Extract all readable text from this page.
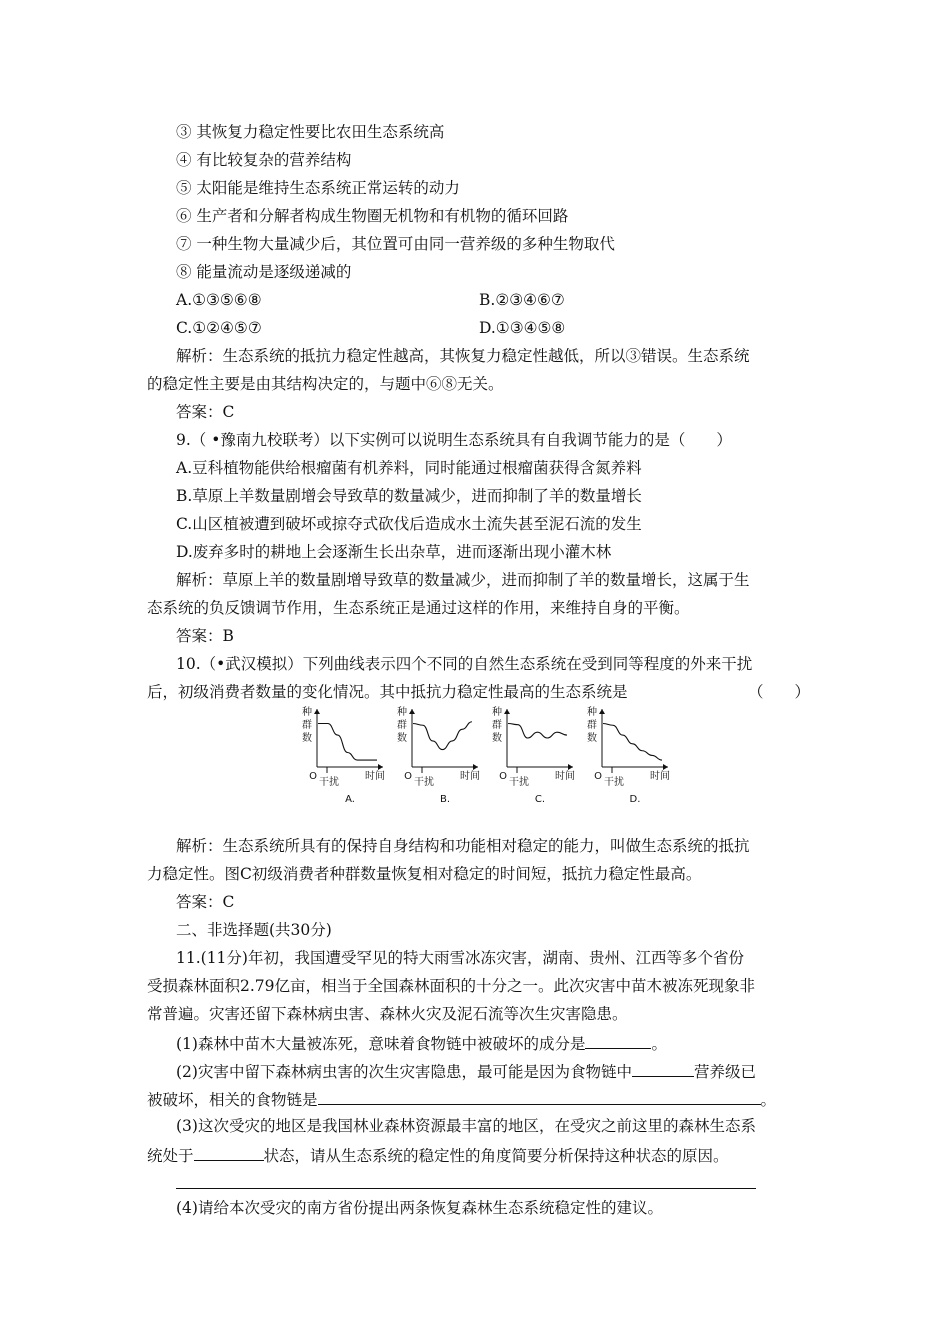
③ 其恢复力稳定性要比农田生态系统高
④ 有比较复杂的营养结构
⑤ 太阳能是维持生态系统正常运转的动力
⑥ 生产者和分解者构成生物圈无机物和有机物的循环回路
⑦ 一种生物大量减少后，其位置可由同一营养级的多种生物取代
⑧ 能量流动是逐级递减的
A.①③⑤⑥⑧	B.②③④⑥⑦
C.①②④⑤⑦	D.①③④⑤⑧
解析：生态系统的抵抗力稳定性越高，其恢复力稳定性越低，所以③错误。生态系统
的稳定性主要是由其结构决定的，与题中⑥⑧无关。
答案：C
9.（ •豫南九校联考）以下实例可以说明生态系统具有自我调节能力的是（　　）
A.豆科植物能供给根瘤菌有机养料，同时能通过根瘤菌获得含氮养料
B.草原上羊数量剧增会导致草的数量减少，进而抑制了羊的数量增长
C.山区植被遭到破坏或掠夺式砍伐后造成水土流失甚至泥石流的发生
D.废弃多时的耕地上会逐渐生长出杂草，进而逐渐出现小灌木林
解析：草原上羊的数量剧增导致草的数量减少，进而抑制了羊的数量增长，这属于生
态系统的负反馈调节作用，生态系统正是通过这样的作用，来维持自身的平衡。
答案：B
10.（•武汉模拟）下列曲线表示四个不同的自然生态系统在受到同等程度的外来干扰
后，初级消费者数量的变化情况。其中抵抗力稳定性最高的生态系统是	（　　）
种
群
数
O
干扰
时间
A.
种
群
数
O
干扰
时间
B.
种
群
数
O
干扰
时间
C.
种
群
数
O
干扰
时间
D.
解析：生态系统所具有的保持自身结构和功能相对稳定的能力，叫做生态系统的抵抗
力稳定性。图C初级消费者种群数量恢复相对稳定的时间短，抵抗力稳定性最高。
答案：C
二、非选择题(共30分)
11.(11分)年初，我国遭受罕见的特大雨雪冰冻灾害，湖南、贵州、江西等多个省份
受损森林面积2.79亿亩，相当于全国森林面积的十分之一。此次灾害中苗木被冻死现象非
常普遍。灾害还留下森林病虫害、森林火灾及泥石流等次生灾害隐患。
(1)森林中苗木大量被冻死，意味着食物链中被破坏的成分是	。
(2)灾害中留下森林病虫害的次生灾害隐患，最可能是因为食物链中	营养级已
被破坏，相关的食物链是	。
(3)这次受灾的地区是我国林业森林资源最丰富的地区，在受灾之前这里的森林生态系
统处于	状态，请从生态系统的稳定性的角度简要分析保持这种状态的原因。
(4)请给本次受灾的南方省份提出两条恢复森林生态系统稳定性的建议。
